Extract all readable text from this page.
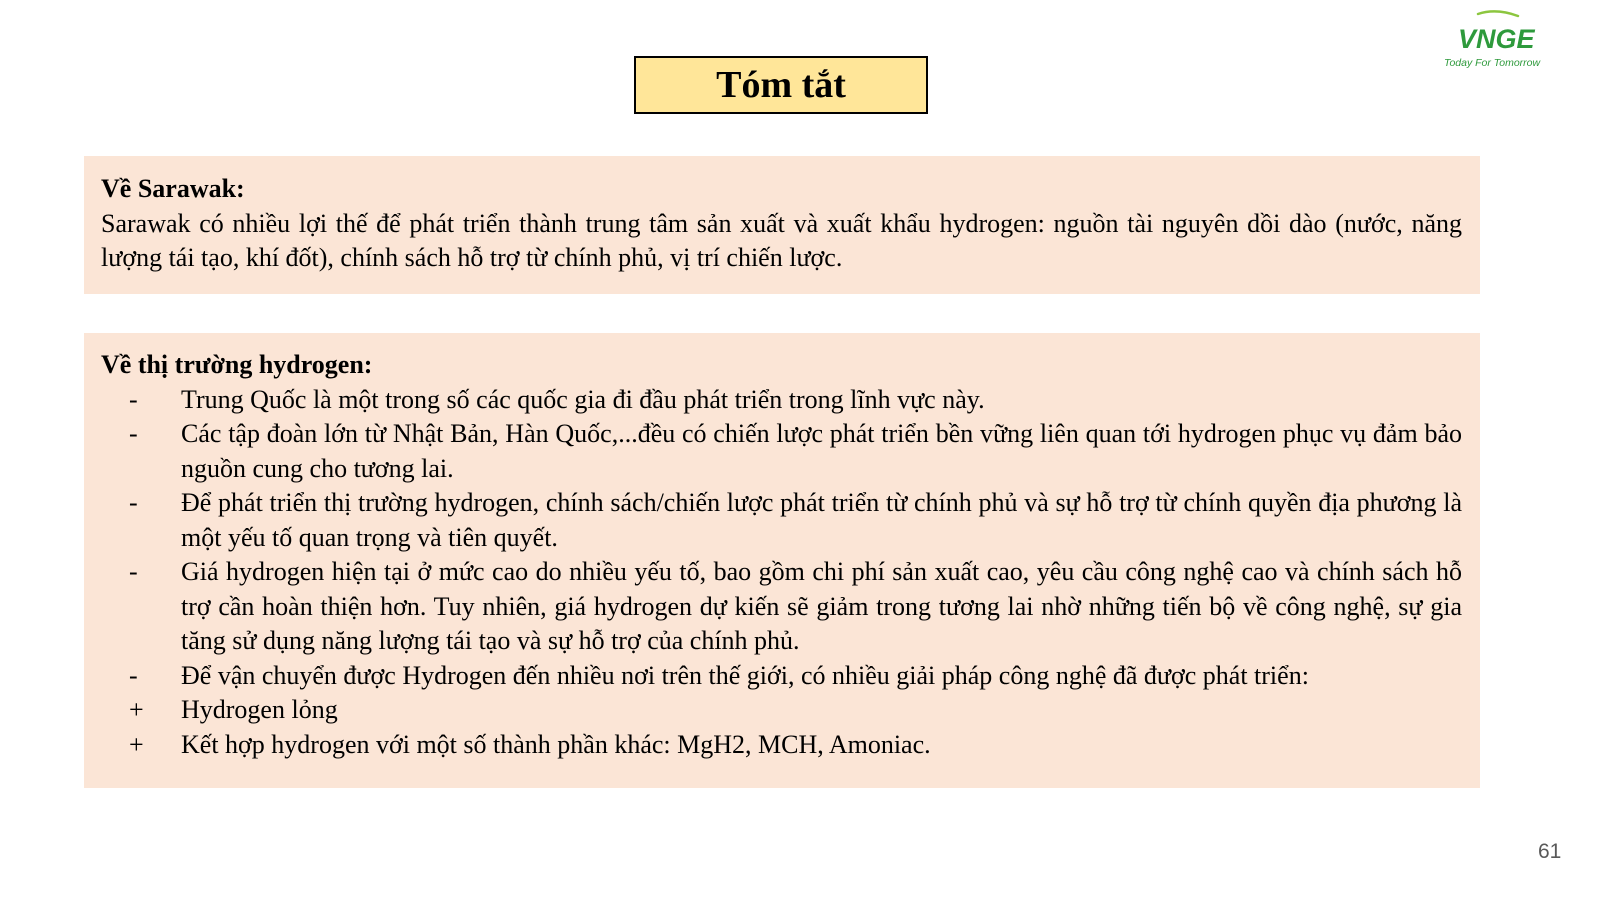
Tóm tắt
VNGE
Today For Tomorrow
Về Sarawak:
Sarawak có nhiều lợi thế để phát triển thành trung tâm sản xuất và xuất khẩu hydrogen: nguồn tài nguyên dồi dào (nước, năng lượng tái tạo, khí đốt), chính sách hỗ trợ từ chính phủ, vị trí chiến lược.
Về thị trường hydrogen:
-	Trung Quốc là một trong số các quốc gia đi đầu phát triển trong lĩnh vực này.
-	Các tập đoàn lớn từ Nhật Bản, Hàn Quốc,...đều có chiến lược phát triển bền vững liên quan tới hydrogen phục vụ đảm bảo nguồn cung cho tương lai.
-	Để phát triển thị trường hydrogen, chính sách/chiến lược phát triển từ chính phủ và sự hỗ trợ từ chính quyền địa phương là một yếu tố quan trọng và tiên quyết.
-	Giá hydrogen hiện tại ở mức cao do nhiều yếu tố, bao gồm chi phí sản xuất cao, yêu cầu công nghệ cao và chính sách hỗ trợ cần hoàn thiện hơn. Tuy nhiên, giá hydrogen dự kiến sẽ giảm trong tương lai nhờ những tiến bộ về công nghệ, sự gia tăng sử dụng năng lượng tái tạo và sự hỗ trợ của chính phủ.
-	Để vận chuyển được Hydrogen đến nhiều nơi trên thế giới, có nhiều giải pháp công nghệ đã được phát triển:
+	Hydrogen lỏng
+	Kết hợp hydrogen với một số thành phần khác: MgH2, MCH, Amoniac.
61
